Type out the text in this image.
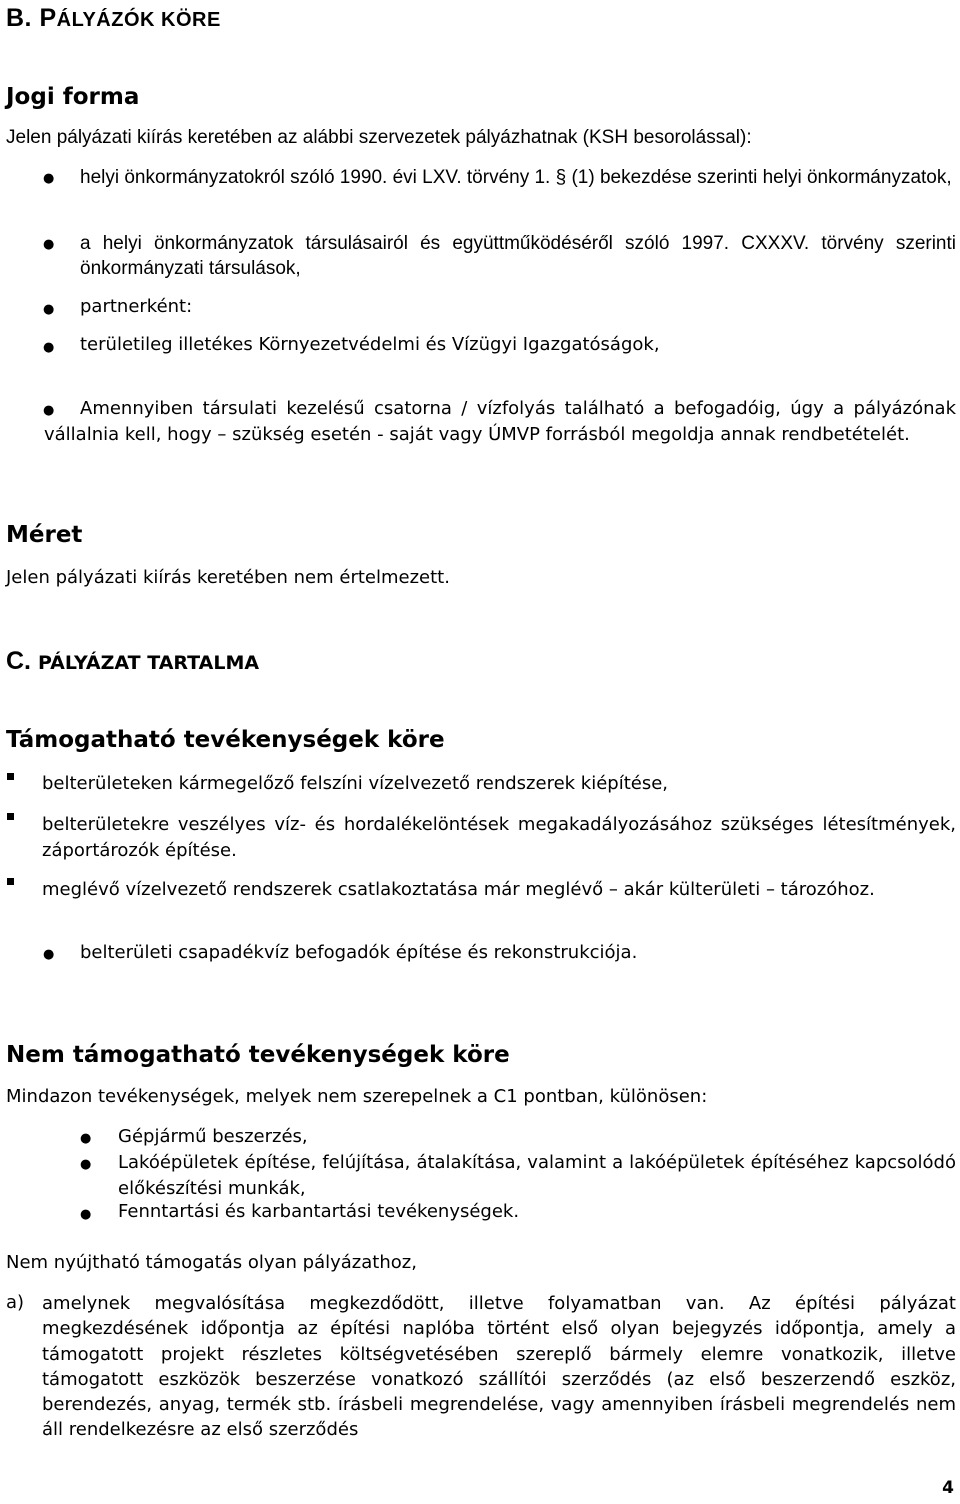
B. PÁLYÁZÓK KÖRE
Jogi forma
Jelen pályázati kiírás keretében az alábbi szervezetek pályázhatnak (KSH besorolással):
● helyi önkormányzatokról szóló 1990. évi LXV. törvény 1. § (1) bekezdése szerinti helyi önkormányzatok,
● a helyi önkormányzatok társulásairól és együttműködéséről szóló 1997. CXXXV. törvény szerinti önkormányzati társulások,
● partnerként:
● területileg illetékes Környezetvédelmi és Vízügyi Igazgatóságok,
●	Amennyiben társulati kezelésű csatorna / vízfolyás található a befogadóig, úgy a pályázónak vállalnia kell, hogy – szükség esetén - saját vagy ÚMVP forrásból megoldja annak rendbetételét.
Méret
Jelen pályázati kiírás keretében nem értelmezett.
C. PÁLYÁZAT TARTALMA
Támogatható tevékenységek köre
belterületeken kármegelőző felszíni vízelvezető rendszerek kiépítése,
belterületekre veszélyes víz- és hordalékelöntések megakadályozásához szükséges létesítmények, záportározók építése.
meglévő vízelvezető rendszerek csatlakoztatása már meglévő – akár külterületi – tározóhoz.
● belterületi csapadékvíz befogadók építése és rekonstrukciója.
Nem támogatható tevékenységek köre
Mindazon tevékenységek, melyek nem szerepelnek a C1 pontban, különösen:
● Gépjármű beszerzés,
● Lakóépületek építése, felújítása, átalakítása, valamint a lakóépületek építéséhez kapcsolódó előkészítési munkák,
● Fenntartási és karbantartási tevékenységek.
Nem nyújtható támogatás olyan pályázathoz,
a) amelynek megvalósítása megkezdődött, illetve folyamatban van. Az építési pályázat megkezdésének időpontja az építési naplóba történt első olyan bejegyzés időpontja, amely a támogatott projekt részletes költségvetésében szereplő bármely elemre vonatkozik, illetve támogatott eszközök beszerzése vonatkozó szállítói szerződés (az első beszerzendő eszköz, berendezés, anyag, termék stb. írásbeli megrendelése, vagy amennyiben írásbeli megrendelés nem áll rendelkezésre az első szerződés
4
